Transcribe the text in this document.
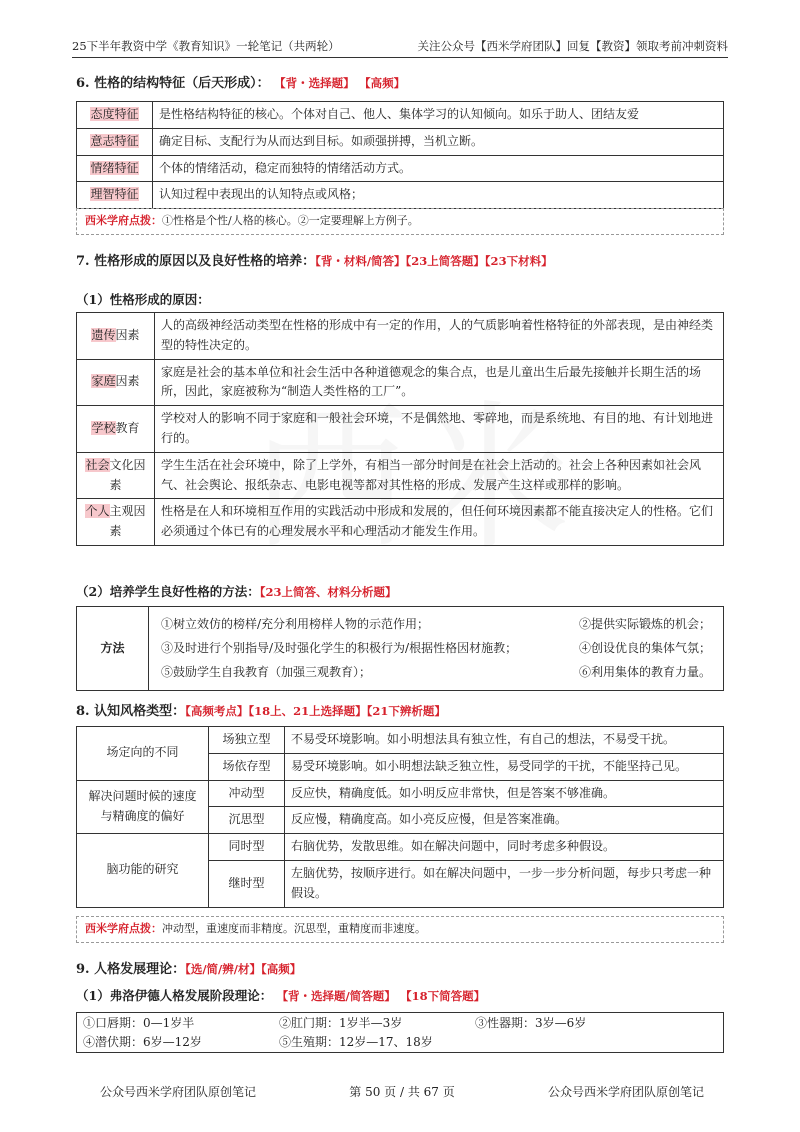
25下半年教资中学《教育知识》一轮笔记（共两轮）	关注公众号【西米学府团队】回复【教资】领取考前冲刺资料
6. 性格的结构特征（后天形成）： 【背・选择题】 【高频】
态度特征	是性格结构特征的核心。个体对自己、他人、集体学习的认知倾向。如乐于助人、团结友爱
意志特征	确定目标、支配行为从而达到目标。如顽强拼搏，当机立断。
情绪特征	个体的情绪活动，稳定而独特的情绪活动方式。
理智特征	认知过程中表现出的认知特点或风格；
西米学府点拨：①性格是个性/人格的核心。②一定要理解上方例子。
7. 性格形成的原因以及良好性格的培养：【背・材料/简答】【23上简答题】【23下材料】
（1）性格形成的原因：
遗传因素	人的高级神经活动类型在性格的形成中有一定的作用，人的气质影响着性格特征的外部表现，是由神经类型的特性决定的。
家庭因素	家庭是社会的基本单位和社会生活中各种道德观念的集合点，也是儿童出生后最先接触并长期生活的场所，因此，家庭被称为“制造人类性格的工厂”。
学校教育	学校对人的影响不同于家庭和一般社会环境，不是偶然地、零碎地，而是系统地、有目的地、有计划地进行的。
社会文化因素	学生生活在社会环境中，除了上学外，有相当一部分时间是在社会上活动的。社会上各种因素如社会风气、社会舆论、报纸杂志、电影电视等都对其性格的形成、发展产生这样或那样的影响。
个人主观因素	性格是在人和环境相互作用的实践活动中形成和发展的，但任何环境因素都不能直接决定人的性格。它们必须通过个体已有的心理发展水平和心理活动才能发生作用。
（2）培养学生良好性格的方法：【23上简答、材料分析题】
方法	
①树立效仿的榜样/充分利用榜样人物的示范作用；	②提供实际锻炼的机会；

③及时进行个别指导/及时强化学生的积极行为/根据性格因材施教；	④创设优良的集体气氛；

⑤鼓励学生自我教育（加强三观教育）；	⑥利用集体的教育力量。
8. 认知风格类型：【高频考点】【18上、21上选择题】【21下辨析题】
场定向的不同	场独立型	不易受环境影响。如小明想法具有独立性，有自己的想法，不易受干扰。
	场依存型	易受环境影响。如小明想法缺乏独立性，易受同学的干扰，不能坚持己见。
解决问题时候的速度与精确度的偏好	冲动型	反应快，精确度低。如小明反应非常快，但是答案不够准确。
	沉思型	反应慢，精确度高。如小亮反应慢，但是答案准确。
脑功能的研究	同时型	右脑优势，发散思维。如在解决问题中，同时考虑多种假设。
	继时型	左脑优势，按顺序进行。如在解决问题中，一步一步分析问题，每步只考虑一种假设。
西米学府点拨：冲动型，重速度而非精度。沉思型，重精度而非速度。
9. 人格发展理论：【选/简/辨/材】【高频】
（1）弗洛伊德人格发展阶段理论： 【背・选择题/简答题】 【18下简答题】
①口唇期：0—1岁半	②肛门期：1岁半—3岁	③性器期：3岁—6岁
④潜伏期：6岁—12岁	⑤生殖期：12岁—17、18岁
公众号西米学府团队原创笔记	第 50 页 / 共 67 页	公众号西米学府团队原创笔记
